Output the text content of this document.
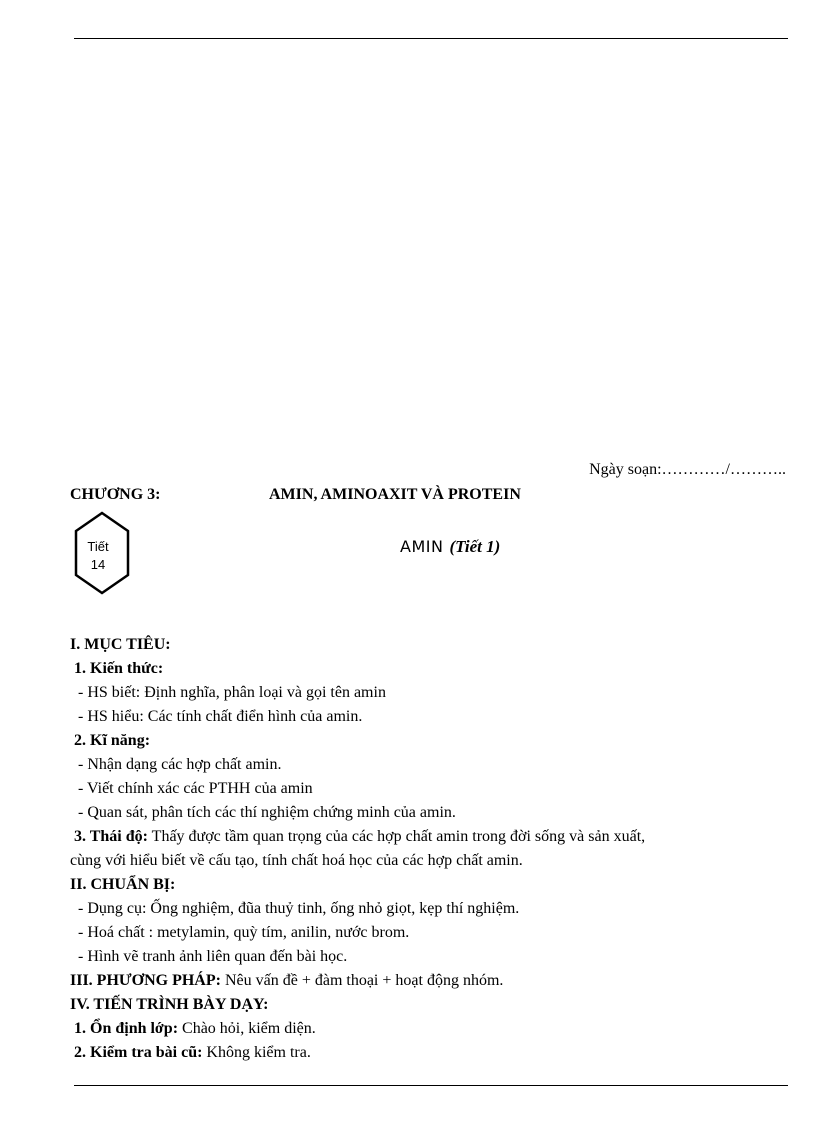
Ngày soạn:…………/………..
CHƯƠNG 3:	AMIN, AMINOAXIT VÀ PROTEIN
Tiết
14
AMIN (Tiết 1)
I. MỤC TIÊU:
1. Kiến thức:
- HS biết: Định nghĩa, phân loại và gọi tên amin
- HS hiểu: Các tính chất điển hình của amin.
2. Kĩ năng:
- Nhận dạng các hợp chất amin.
- Viết chính xác các PTHH của amin
- Quan sát, phân tích các thí nghiệm chứng minh của amin.
3. Thái độ: Thấy được tầm quan trọng của các hợp chất amin trong đời sống và sản xuất,
cùng với hiểu biết về cấu tạo, tính chất hoá học của các hợp chất amin.
II. CHUẨN BỊ:
- Dụng cụ: Ống nghiệm, đũa thuỷ tinh, ống nhỏ giọt, kẹp thí nghiệm.
- Hoá chất : metylamin, quỳ tím, anilin, nước brom.
- Hình vẽ tranh ảnh liên quan đến bài học.
III. PHƯƠNG PHÁP: Nêu vấn đề + đàm thoại + hoạt động nhóm.
IV. TIẾN TRÌNH BÀY DẠY:
1. Ổn định lớp: Chào hỏi, kiểm diện.
2. Kiểm tra bài cũ: Không kiểm tra.
